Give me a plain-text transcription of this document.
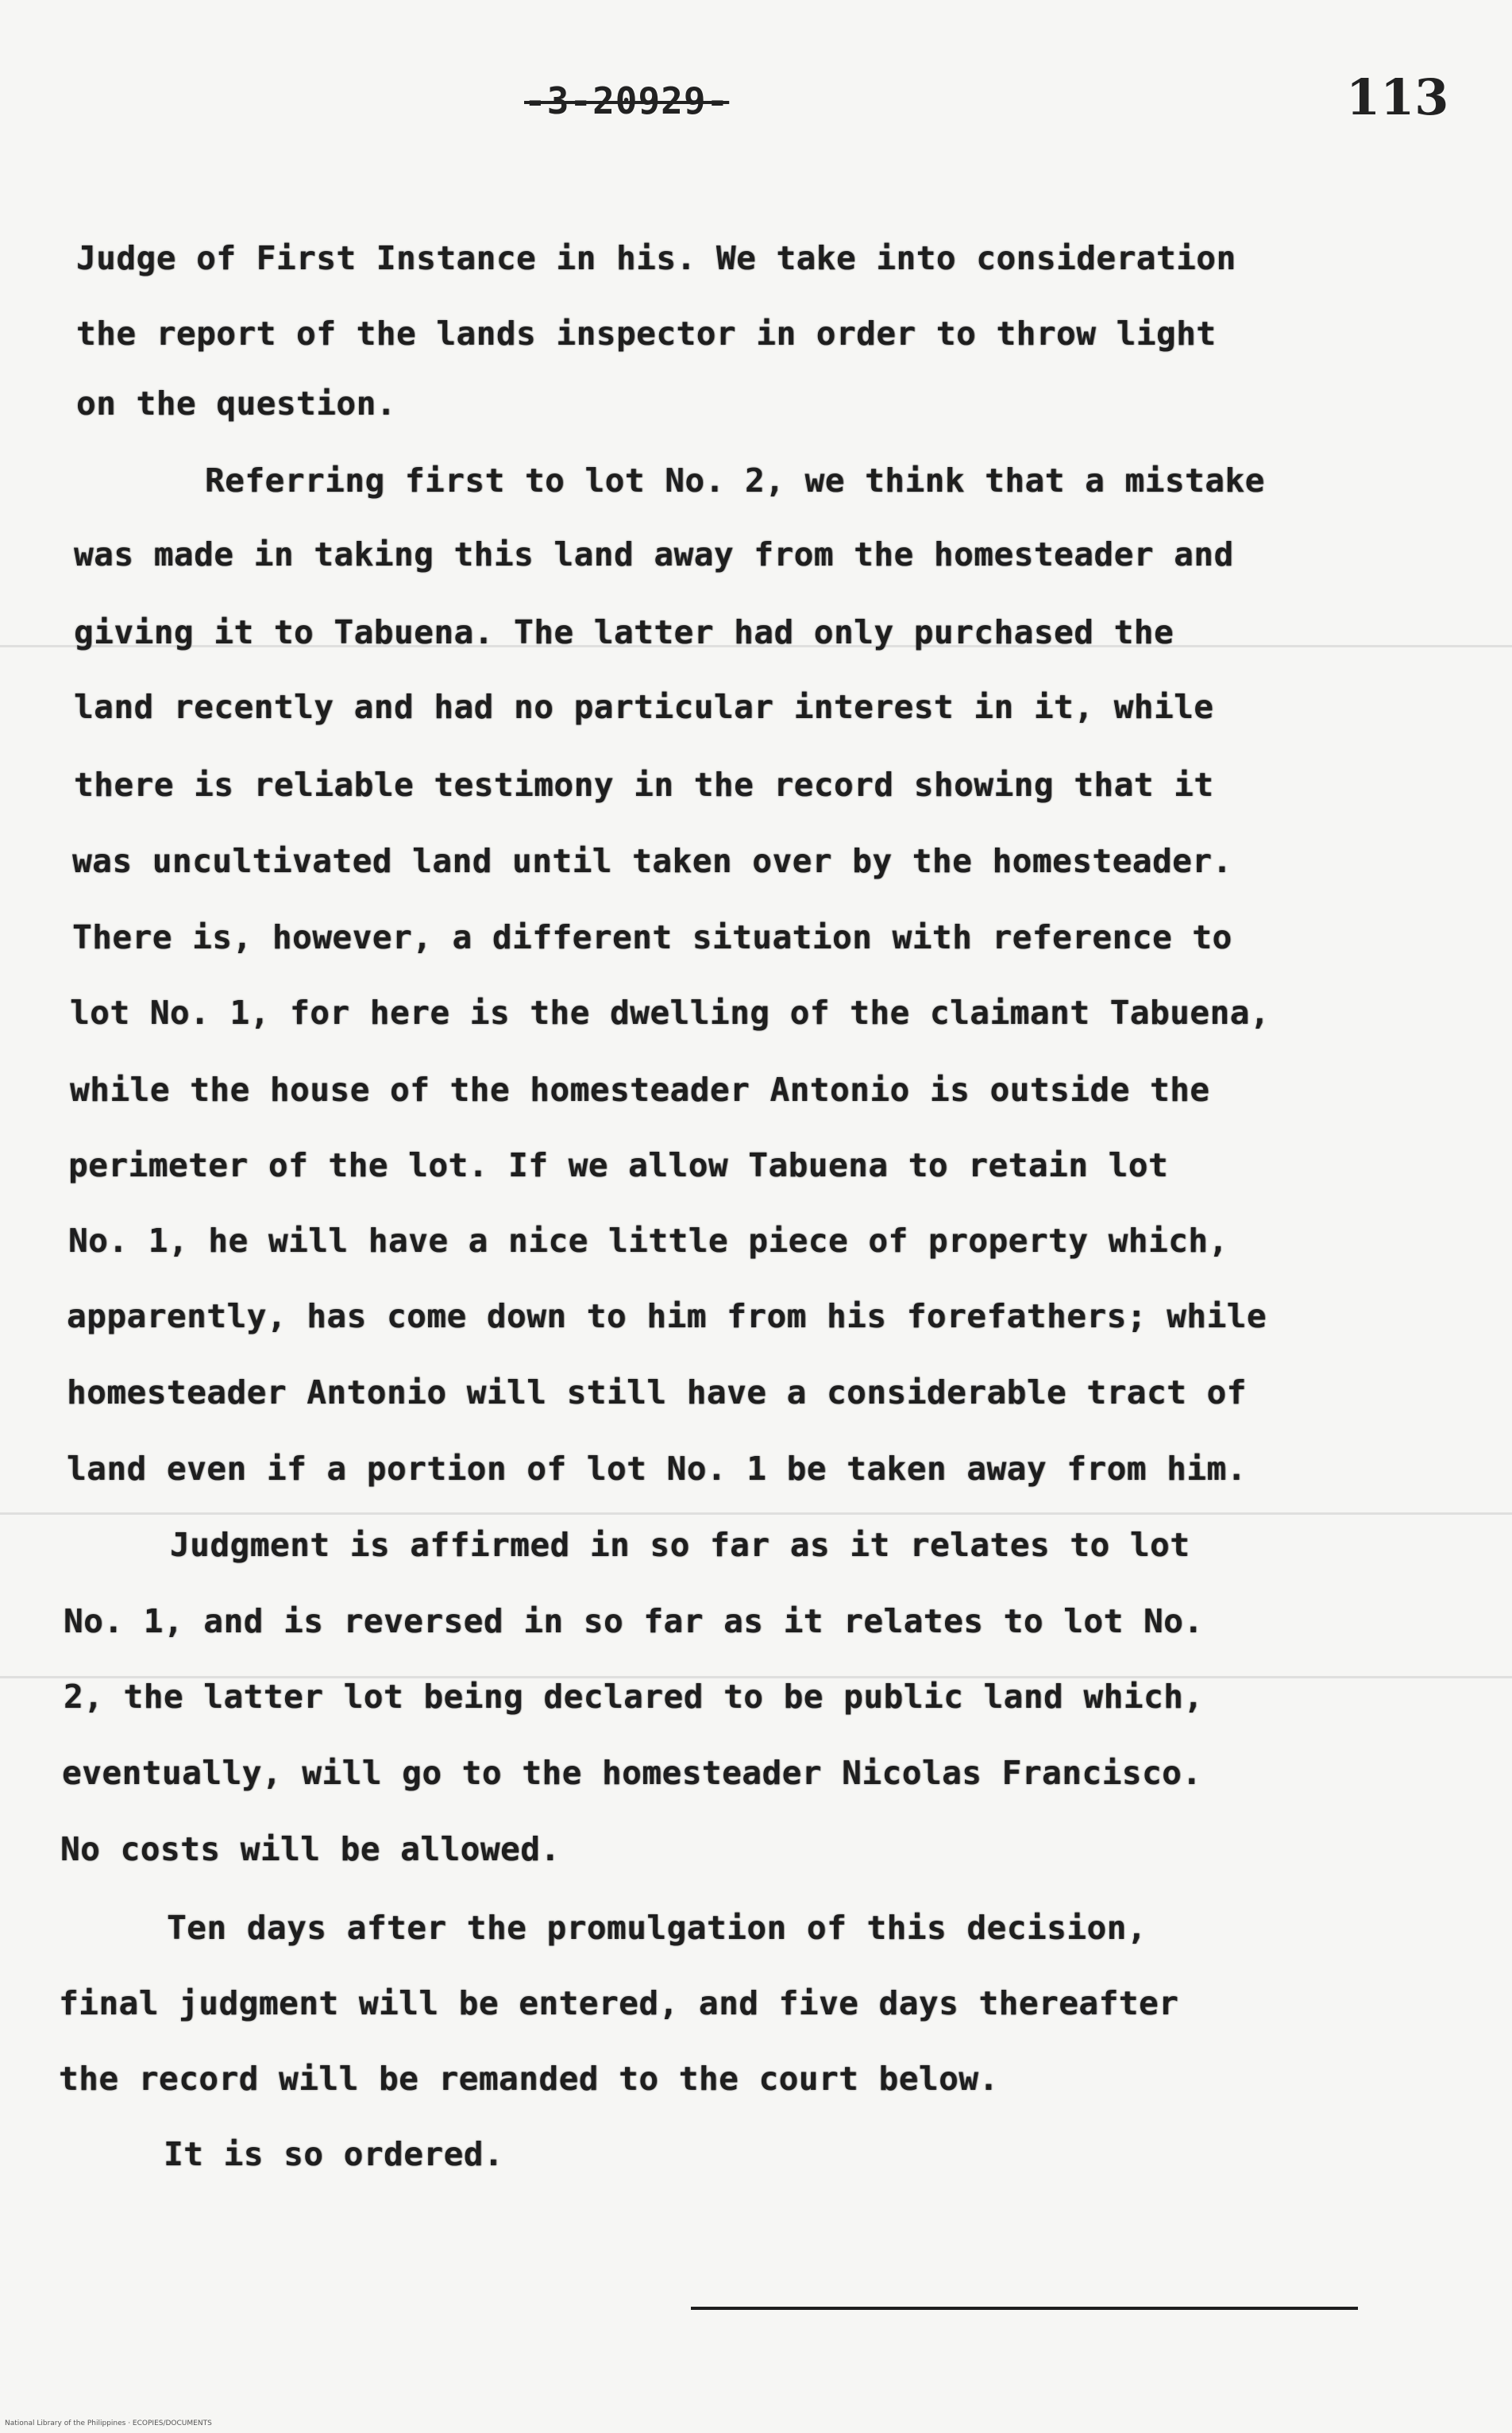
-3-20929-	113
Judge of First Instance in his. We take into consideration
the report of the lands inspector in order to throw light
on the question.
Referring first to lot No. 2, we think that a mistake
was made in taking this land away from the homesteader and
giving it to Tabuena. The latter had only purchased the
land recently and had no particular interest in it, while
there is reliable testimony in the record showing that it
was uncultivated land until taken over by the homesteader.
There is, however, a different situation with reference to
lot No. 1, for here is the dwelling of the claimant Tabuena,
while the house of the homesteader Antonio is outside the
perimeter of the lot. If we allow Tabuena to retain lot
No. 1, he will have a nice little piece of property which,
apparently, has come down to him from his forefathers; while
homesteader Antonio will still have a considerable tract of
land even if a portion of lot No. 1 be taken away from him.
Judgment is affirmed in so far as it relates to lot
No. 1, and is reversed in so far as it relates to lot No.
2, the latter lot being declared to be public land which,
eventually, will go to the homesteader Nicolas Francisco.
No costs will be allowed.
Ten days after the promulgation of this decision,
final judgment will be entered, and five days thereafter
the record will be remanded to the court below.
It is so ordered.
National Library of the Philippines · ECOPIES/DOCUMENTS
